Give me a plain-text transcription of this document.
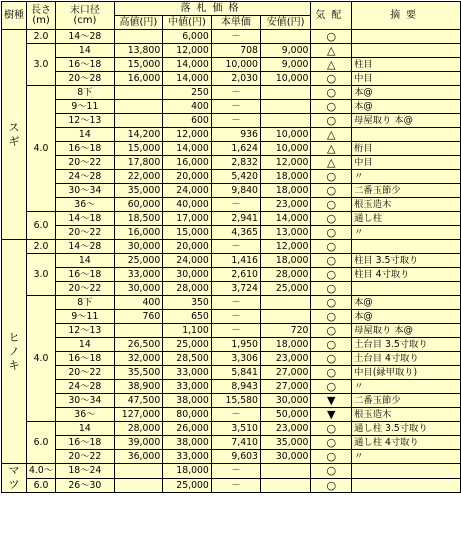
樹種	長さ
(m)	末口径
(cm)	落札価格				気配	摘要
			高値(円)	中値(円)	本単価	安値(円)		

ス
ギ	2.0	14～28		6,000	－		○	
	3.0	14	13,800	12,000	708	9,000	△	
		16～18	15,000	14,000	10,000	9,000	△	柱目
		20～28	16,000	14,000	2,030	10,000	○	中目
	4.0	8下		250	－		○	本@
		9～11		400	－		○	本@
		12～13		600	－		○	母屋取り 本@
		14	14,200	12,000	936	10,000	△	
		16～18	15,000	14,000	1,624	10,000	△	桁目
		20～22	17,800	16,000	2,832	12,000	△	中目
		24～28	22,000	20,000	5,420	18,000	○	〃
		30～34	35,000	24,000	9,840	18,000	○	二番玉節少
		36～	60,000	40,000	－	23,000	○	根玉造木
	6.0	14～18	18,500	17,000	2,941	14,000	○	通し柱
		20～22	16,000	15,000	4,365	13,000	○	〃

ヒ
ノ
キ	2.0	14～28	30,000	20,000	－	12,000	○	
	3.0	14	25,000	24,000	1,416	18,000	○	柱目 3.5寸取り
		16～18	33,000	30,000	2,610	28,000	○	柱目 4寸取り
		20～22	30,000	28,000	3,724	25,000	○	
	4.0	8下	400	350	－		○	本@
		9～11	760	650	－		○	本@
		12～13		1,100	－	720	○	母屋取り 本@
		14	26,500	25,000	1,950	18,000	○	土台目 3.5寸取り
		16～18	32,000	28,500	3,306	23,000	○	土台目 4寸取り
		20～22	35,500	33,000	5,841	27,000	○	中目(縁甲取り)
		24～28	38,900	33,000	8,943	27,000	○	〃
		30～34	47,500	38,000	15,580	30,000	▼	二番玉節少
		36～	127,000	80,000	－	50,000	▼	根玉造木
	6.0	14	28,000	26,000	3,510	23,000	○	通し柱 3.5寸取り
		16～18	39,000	38,000	7,410	35,000	○	通し柱 4寸取り
		20～22	36,000	33,000	9,603	30,000	○	〃

マ
ツ	4.0～	18～24		18,000	－		○	
	6.0	26～30		25,000	－		○	
